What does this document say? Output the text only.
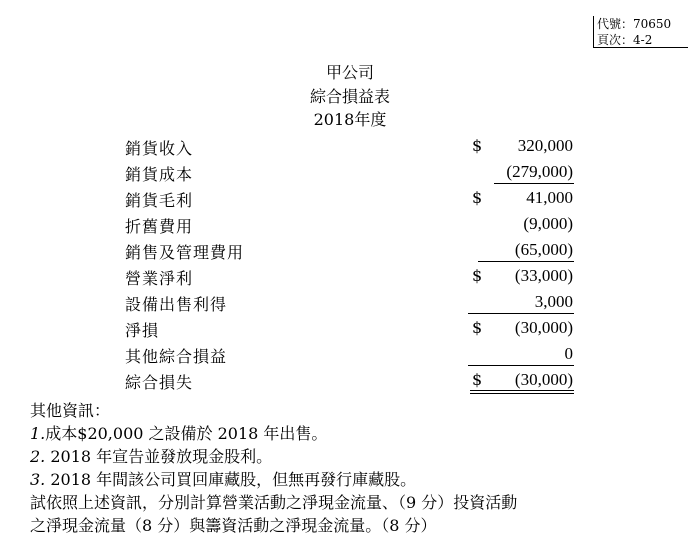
代號：70650
頁次：4-2
甲公司
綜合損益表
2018年度
銷貨收入	$ 320,000
銷貨成本	(279,000)
銷貨毛利	$	41,000
折舊費用	(9,000)
銷售及管理費用	(65,000)
營業淨利	$ (33,000)
設備出售利得	3,000
淨損	$ (30,000)
其他綜合損益	0
綜合損失	$ (30,000)
其他資訊：
1.成本$20,000 之設備於 2018 年出售。
2. 2018 年宣告並發放現金股利。
3. 2018 年間該公司買回庫藏股，但無再發行庫藏股。
試依照上述資訊，分別計算營業活動之淨現金流量、（9 分）投資活動
之淨現金流量（8 分）與籌資活動之淨現金流量。（8 分）
